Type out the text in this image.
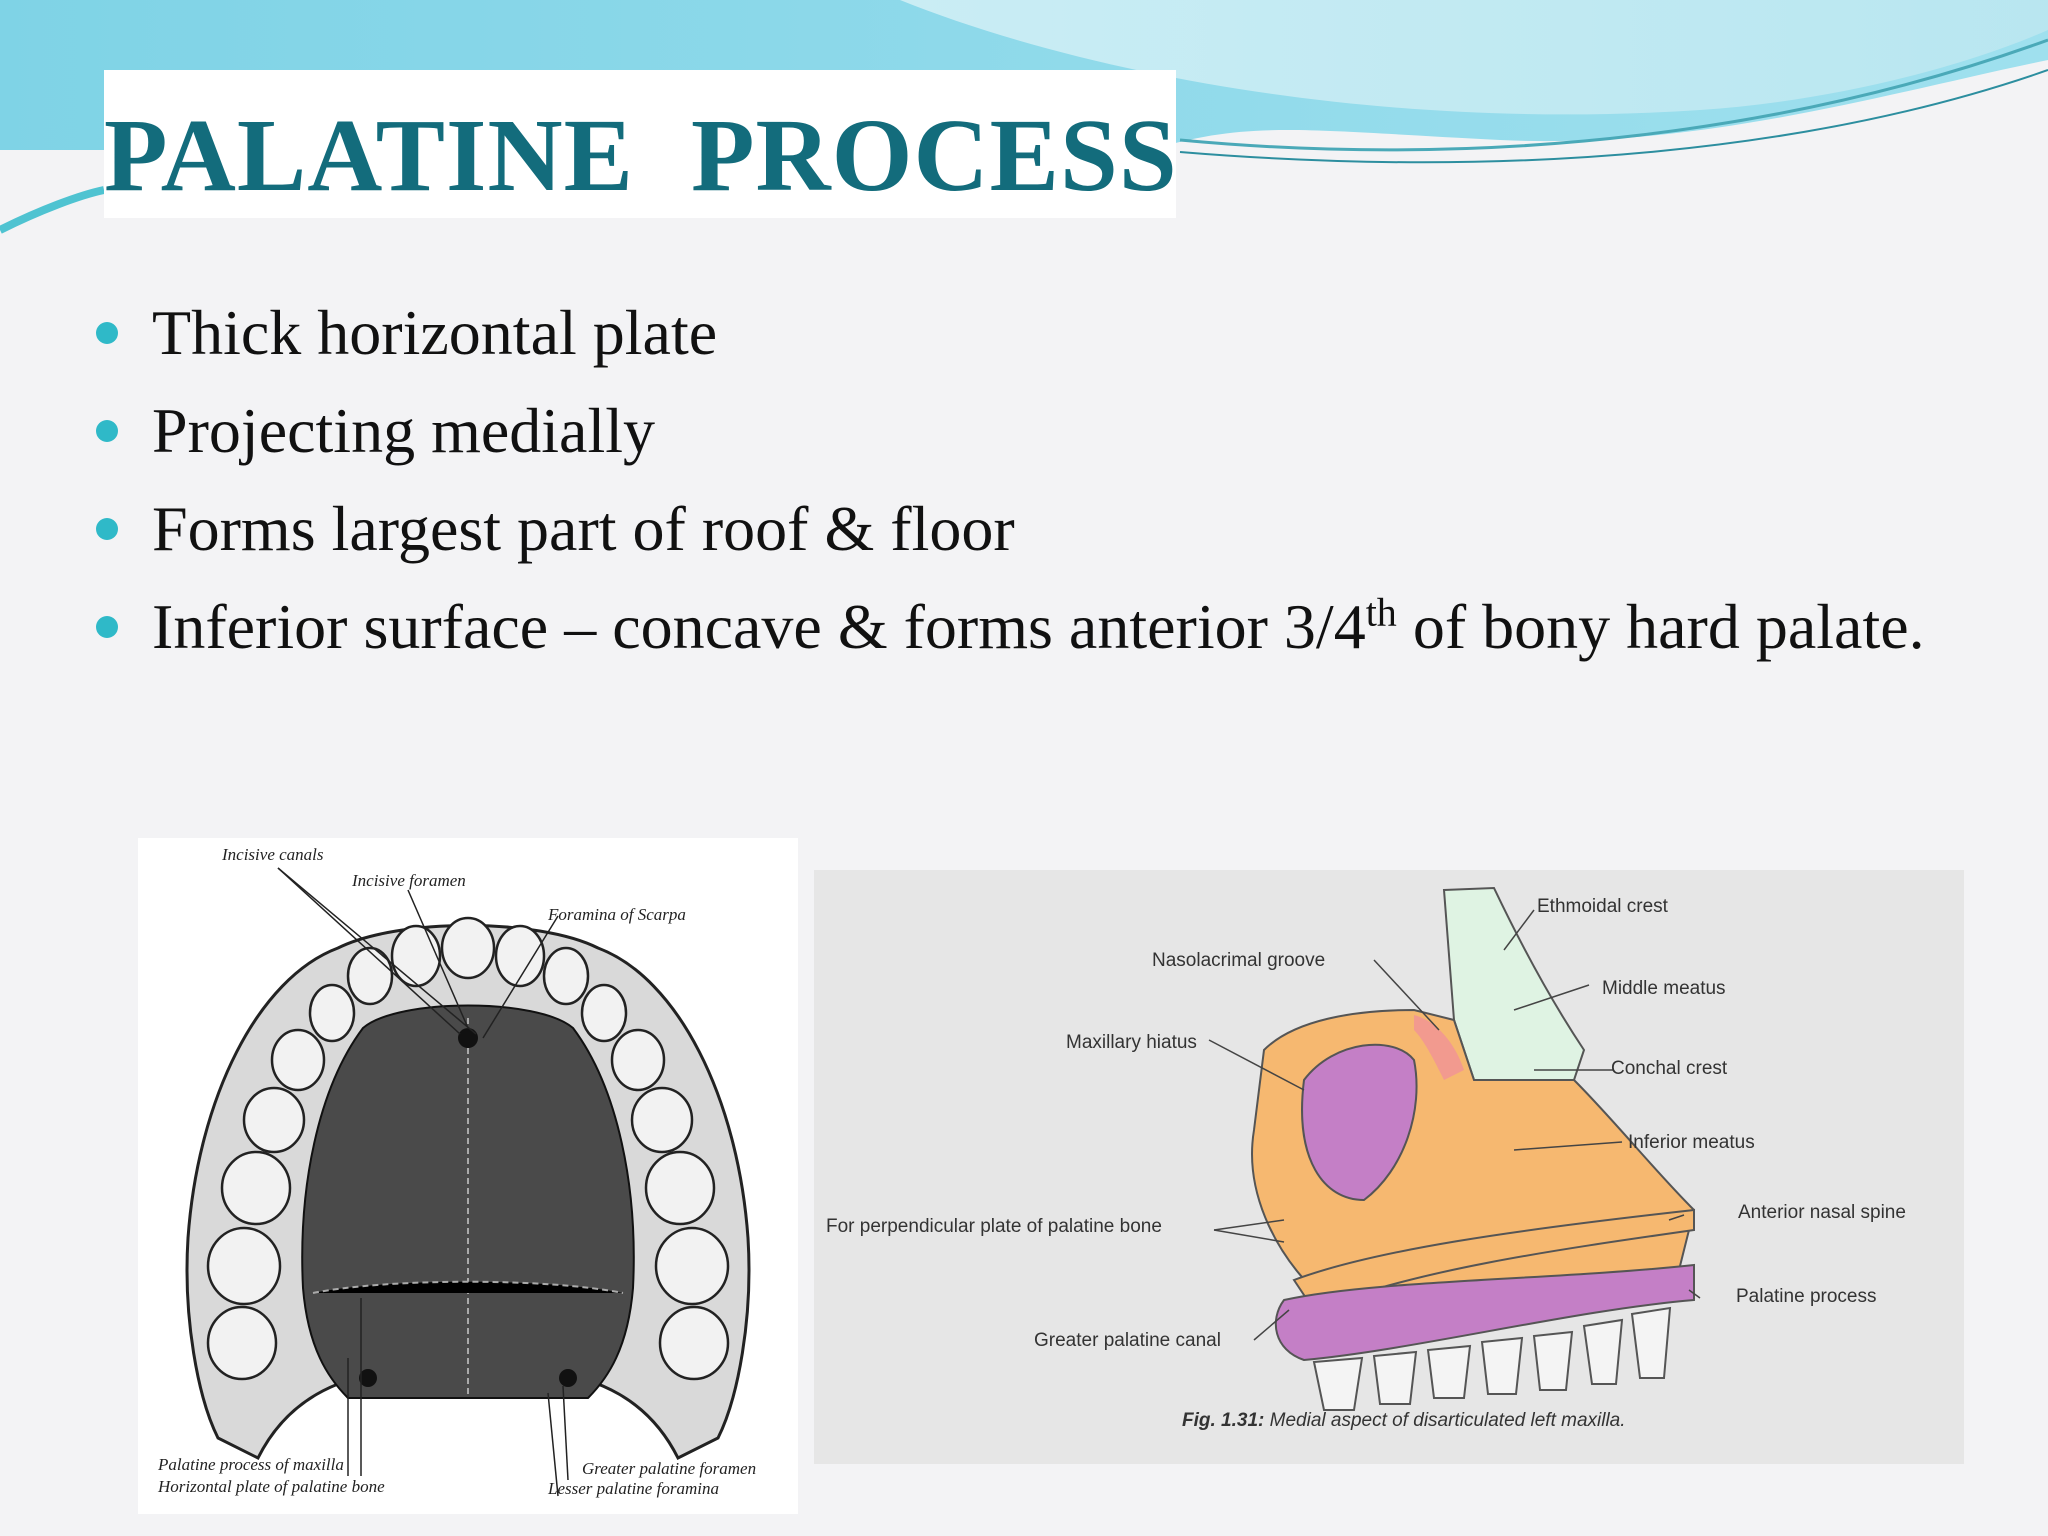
PALATINE PROCESS
Thick horizontal plate
Projecting medially
Forms largest part of roof & floor
Inferior surface – concave & forms anterior 3/4th of bony hard palate.
Incisive canals
Incisive foramen
Foramina of Scarpa
Palatine process of maxilla
Horizontal plate of palatine bone
Greater palatine foramen
Lesser palatine foramina
Ethmoidal crest
Nasolacrimal groove
Middle meatus
Maxillary hiatus
Conchal crest
Inferior meatus
Anterior nasal spine
For perpendicular plate of palatine bone
Palatine process
Greater palatine canal
Fig. 1.31: Medial aspect of disarticulated left maxilla.
